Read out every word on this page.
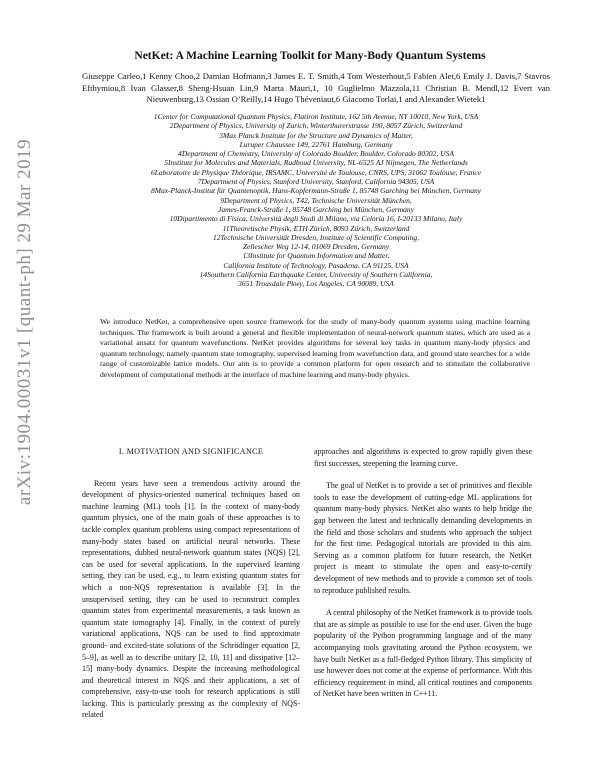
arXiv:1904.00031v1 [quant-ph] 29 Mar 2019
NetKet: A Machine Learning Toolkit for Many-Body Quantum Systems
Giuseppe Carleo,1 Kenny Choo,2 Damian Hofmann,3 James E. T. Smith,4 Tom Westerhout,5 Fabien Alet,6 Emily J. Davis,7 Stavros Efthymiou,8 Ivan Glasser,8 Sheng-Hsuan Lin,9 Marta Mauri,1, 10 Guglielmo Mazzola,11 Christian B. Mendl,12 Evert van Nieuwenburg,13 Ossian O’Reilly,14 Hugo Théveniaut,6 Giacomo Torlai,1 and Alexander Wietek1
1Center for Computational Quantum Physics, Flatiron Institute, 162 5th Avenue, NY 10010, New York, USA
2Department of Physics, University of Zurich, Winterthurerstrasse 190, 8057 Zürich, Switzerland
3Max Planck Institute for the Structure and Dynamics of Matter,
Luruper Chaussee 149, 22761 Hamburg, Germany
4Department of Chemistry, University of Colorado Boulder, Boulder, Colorado 80302, USA
5Institute for Molecules and Materials, Radboud University, NL-6525 AJ Nijmegen, The Netherlands
6Laboratoire de Physique Théorique, IRSAMC, Université de Toulouse, CNRS, UPS, 31062 Toulouse, France
7Department of Physics, Stanford University, Stanford, California 94305, USA
8Max-Planck-Institut für Quantenoptik, Hans-Kopfermann-Straße 1, 85748 Garching bei München, Germany
9Department of Physics, T42, Technische Universität München,
James-Franck-Straße 1, 85748 Garching bei München, Germany
10Dipartimento di Fisica, Università degli Studi di Milano, via Celoria 16, I-20133 Milano, Italy
11Theoretische Physik, ETH Zürich, 8093 Zürich, Switzerland
12Technische Universität Dresden, Institute of Scientific Computing,
Zellescher Weg 12-14, 01069 Dresden, Germany
13Institute for Quantum Information and Matter,
California Institute of Technology, Pasadena, CA 91125, USA
14Southern California Earthquake Center, University of Southern California,
3651 Trousdale Pkwy, Los Angeles, CA 90089, USA
We introduce NetKet, a comprehensive open source framework for the study of many-body quantum systems using machine learning techniques. The framework is built around a general and flexible implementation of neural-network quantum states, which are used as a variational ansatz for quantum wavefunctions. NetKet provides algorithms for several key tasks in quantum many-body physics and quantum technology, namely quantum state tomography, supervised learning from wavefunction data, and ground state searches for a wide range of customizable lattice models. Our aim is to provide a common platform for open research and to stimulate the collaborative development of computational methods at the interface of machine learning and many-body physics.
I. MOTIVATION AND SIGNIFICANCE

Recent years have seen a tremendous activity around the development of physics-oriented numerical techniques based on machine learning (ML) tools [1]. In the context of many-body quantum physics, one of the main goals of these approaches is to tackle complex quantum problems using compact representations of many-body states based on artificial neural networks. These representations, dubbed neural-network quantum states (NQS) [2], can be used for several applications. In the supervised learning setting, they can be used, e.g., to learn existing quantum states for which a non-NQS representation is available [3]. In the unsupervised setting, they can be used to reconstruct complex quantum states from experimental measurements, a task known as quantum state tomography [4]. Finally, in the context of purely variational applications, NQS can be used to find approximate ground- and excited-state solutions of the Schrödinger equation [2, 5–9], as well as to describe unitary [2, 10, 11] and dissipative [12–15] many-body dynamics. Despite the increasing methodological and theoretical interest in NQS and their applications, a set of comprehensive, easy-to-use tools for research applications is still lacking. This is particularly pressing as the complexity of NQS-related

approaches and algorithms is expected to grow rapidly given these first successes, steepening the learning curve.

The goal of NetKet is to provide a set of primitives and flexible tools to ease the development of cutting-edge ML applications for quantum many-body physics. NetKet also wants to help bridge the gap between the latest and technically demanding developments in the field and those scholars and students who approach the subject for the first time. Pedagogical tutorials are provided to this aim. Serving as a common platform for future research, the NetKet project is meant to stimulate the open and easy-to-certify development of new methods and to provide a common set of tools to reproduce published results.

A central philosophy of the NetKet framework is to provide tools that are as simple as possible to use for the end user. Given the huge popularity of the Python programming language and of the many accompanying tools gravitating around the Python ecosystem, we have built NetKet as a full-fledged Python library. This simplicity of use however does not come at the expense of performance. With this efficiency requirement in mind, all critical routines and components of NetKet have been written in C++11.
